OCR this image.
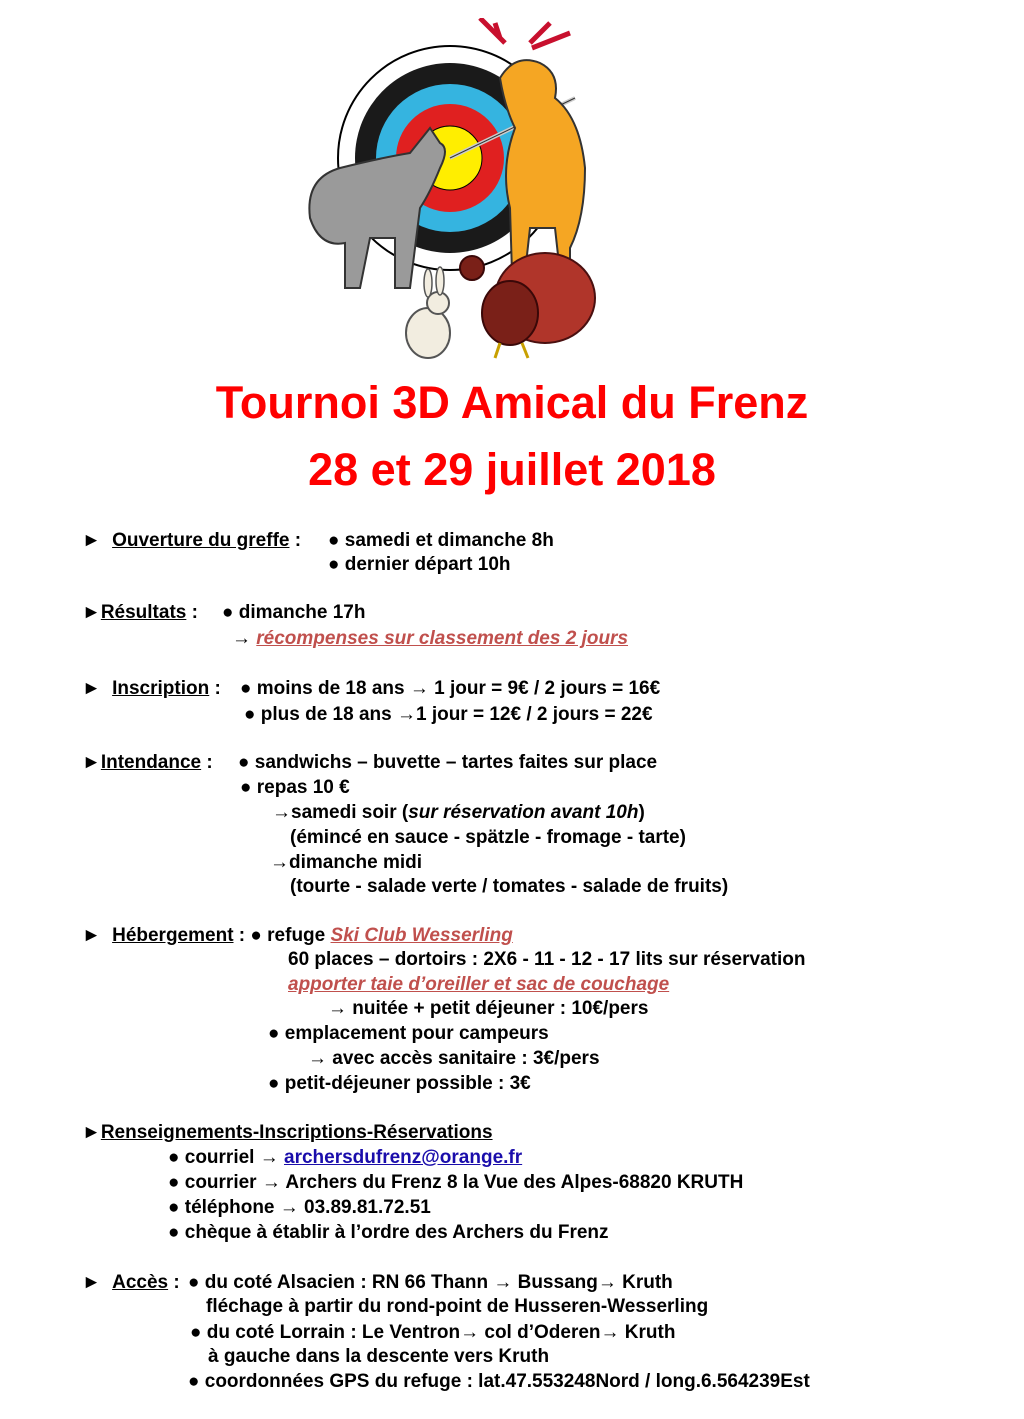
Tournoi 3D Amical du Frenz
28 et 29 juillet 2018
► Ouverture du greffe : ● samedi et dimanche 8h
● dernier départ 10h
►Résultats : ● dimanche 17h
→ récompenses sur classement des 2 jours
► Inscription : ● moins de 18 ans → 1 jour = 9€ / 2 jours = 16€
● plus de 18 ans →1 jour = 12€ / 2 jours = 22€
►Intendance : ● sandwichs – buvette – tartes faites sur place
● repas 10 €
→samedi soir (sur réservation avant 10h)
(émincé en sauce - spätzle - fromage - tarte)
→dimanche midi
(tourte - salade verte / tomates - salade de fruits)
► Hébergement : ● refuge Ski Club Wesserling
60 places – dortoirs : 2X6 - 11 - 12 - 17 lits sur réservation
apporter taie d’oreiller et sac de couchage
→ nuitée + petit déjeuner : 10€/pers
● emplacement pour campeurs
→ avec accès sanitaire : 3€/pers
● petit-déjeuner possible : 3€
►Renseignements-Inscriptions-Réservations
● courriel → archersdufrenz@orange.fr
● courrier → Archers du Frenz 8 la Vue des Alpes-68820 KRUTH
● téléphone → 03.89.81.72.51
● chèque à établir à l’ordre des Archers du Frenz
► Accès : ● du coté Alsacien : RN 66 Thann → Bussang→ Kruth
fléchage à partir du rond-point de Husseren-Wesserling
● du coté Lorrain : Le Ventron→ col d’Oderen→ Kruth
à gauche dans la descente vers Kruth
● coordonnées GPS du refuge : lat.47.553248Nord / long.6.564239Est
